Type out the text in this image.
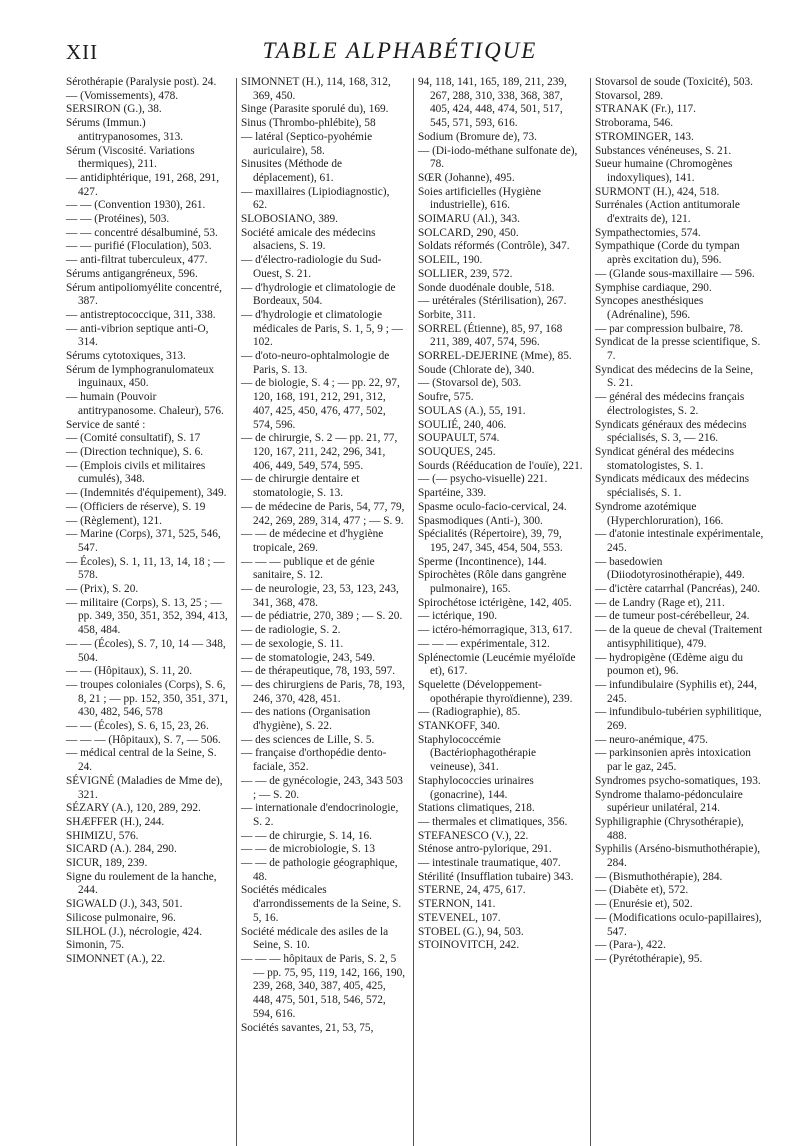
XII	TABLE ALPHABÉTIQUE

Sérothérapie (Paralysie post). 24.

— (Vomissements), 478.

SERSIRON (G.), 38.

Sérums (Immun.) antitrypanosomes, 313.

Sérum (Viscosité. Variations thermiques), 211.

— antidiphtérique, 191, 268, 291, 427.

— — (Convention 1930), 261.

— — (Protéines), 503.

— — concentré désalbuminé, 53.

— — purifié (Floculation), 503.

— anti-filtrat tuberculeux, 477.

Sérums antigangréneux, 596.

Sérum antipoliomyélite concentré, 387.

— antistreptococcique, 311, 338.

— anti-vibrion septique anti-O, 314.

Sérums cytotoxiques, 313.

Sérum de lymphogranulomateux inguinaux, 450.

— humain (Pouvoir antitrypanosome. Chaleur), 576.

Service de santé :

— (Comité consultatif), S. 17

— (Direction technique), S. 6.

— (Emplois civils et militaires cumulés), 348.

— (Indemnités d'équipement), 349.

— (Officiers de réserve), S. 19

— (Règlement), 121.

— Marine (Corps), 371, 525, 546, 547.

— Écoles), S. 1, 11, 13, 14, 18 ; — 578.

— (Prix), S. 20.

— militaire (Corps), S. 13, 25 ; — pp. 349, 350, 351, 352, 394, 413, 458, 484.

— — (Écoles), S. 7, 10, 14 — 348, 504.

— — (Hôpitaux), S. 11, 20.

— troupes coloniales (Corps), S. 6, 8, 21 ; — pp. 152, 350, 351, 371, 430, 482, 546, 578

— — (Écoles), S. 6, 15, 23, 26.

— — — (Hôpitaux), S. 7, — 506.

— médical central de la Seine, S. 24.

SÉVIGNÉ (Maladies de Mme de), 321.

SÉZARY (A.), 120, 289, 292.

SHÆFFER (H.), 244.

SHIMIZU, 576.

SICARD (A.). 284, 290.

SICUR, 189, 239.

Signe du roulement de la hanche, 244.

SIGWALD (J.), 343, 501.

Silicose pulmonaire, 96.

SILHOL (J.), nécrologie, 424.

Simonin, 75.

SIMONNET (A.), 22.

SIMONNET (H.), 114, 168, 312, 369, 450.

Singe (Parasite sporulé du), 169.

Sinus (Thrombo-phlébite), 58

— latéral (Septico-pyohémie auriculaire), 58.

Sinusites (Méthode de déplacement), 61.

— maxillaires (Lipiodiagnostic), 62.

SLOBOSIANO, 389.

Société amicale des médecins alsaciens, S. 19.

— d'électro-radiologie du Sud-Ouest, S. 21.

— d'hydrologie et climatologie de Bordeaux, 504.

— d'hydrologie et climatologie médicales de Paris, S. 1, 5, 9 ; — 102.

— d'oto-neuro-ophtalmologie de Paris, S. 13.

— de biologie, S. 4 ; — pp. 22, 97, 120, 168, 191, 212, 291, 312, 407, 425, 450, 476, 477, 502, 574, 596.

— de chirurgie, S. 2 — pp. 21, 77, 120, 167, 211, 242, 296, 341, 406, 449, 549, 574, 595.

— de chirurgie dentaire et stomatologie, S. 13.

— de médecine de Paris, 54, 77, 79, 242, 269, 289, 314, 477 ; — S. 9.

— — de médecine et d'hygiène tropicale, 269.

— — — publique et de génie sanitaire, S. 12.

— de neurologie, 23, 53, 123, 243, 341, 368, 478.

— de pédiatrie, 270, 389 ; — S. 20.

— de radiologie, S. 2.

— de sexologie, S. 11.

— de stomatologie, 243, 549.

— de thérapeutique, 78, 193, 597.

— des chirurgiens de Paris, 78, 193, 246, 370, 428, 451.

— des nations (Organisation d'hygiène), S. 22.

— des sciences de Lille, S. 5.

— française d'orthopédie dento-faciale, 352.

— — de gynécologie, 243, 343 503 ; — S. 20.

— internationale d'endocrinologie, S. 2.

— — de chirurgie, S. 14, 16.

— — de microbiologie, S. 13

— — de pathologie géographique, 48.

Sociétés médicales d'arrondissements de la Seine, S. 5, 16.

Société médicale des asiles de la Seine, S. 10.

— — — hôpitaux de Paris, S. 2, 5 — pp. 75, 95, 119, 142, 166, 190, 239, 268, 340, 387, 405, 425, 448, 475, 501, 518, 546, 572, 594, 616.

Sociétés savantes, 21, 53, 75,

94, 118, 141, 165, 189, 211, 239, 267, 288, 310, 338, 368, 387, 405, 424, 448, 474, 501, 517, 545, 571, 593, 616.

Sodium (Bromure de), 73.

— (Di-iodo-méthane sulfonate de), 78.

SŒR (Johanne), 495.

Soies artificielles (Hygiène industrielle), 616.

SOIMARU (Al.), 343.

SOLCARD, 290, 450.

Soldats réformés (Contrôle), 347.

SOLEIL, 190.

SOLLIER, 239, 572.

Sonde duodénale double, 518.

— urétérales (Stérilisation), 267.

Sorbite, 311.

SORREL (Étienne), 85, 97, 168 211, 389, 407, 574, 596.

SORREL-DEJERINE (Mme), 85.

Soude (Chlorate de), 340.

— (Stovarsol de), 503.

Soufre, 575.

SOULAS (A.), 55, 191.

SOULIÉ, 240, 406.

SOUPAULT, 574.

SOUQUES, 245.

Sourds (Rééducation de l'ouïe), 221.

— (— psycho-visuelle) 221.

Spartéine, 339.

Spasme oculo-facio-cervical, 24.

Spasmodiques (Anti-), 300.

Spécialités (Répertoire), 39, 79, 195, 247, 345, 454, 504, 553.

Sperme (Incontinence), 144.

Spirochètes (Rôle dans gangrène pulmonaire), 165.

Spirochétose ictérigène, 142, 405.

— ictérique, 190.

— ictéro-hémorragique, 313, 617.

— — — expérimentale, 312.

Splénectomie (Leucémie myéloïde et), 617.

Squelette (Développement-opothérapie thyroïdienne), 239.

— (Radiographie), 85.

STANKOFF, 340.

Staphylococcémie (Bactériophagothérapie veineuse), 341.

Staphylococcies urinaires (gonacrine), 144.

Stations climatiques, 218.

— thermales et climatiques, 356.

STEFANESCO (V.), 22.

Sténose antro-pylorique, 291.

— intestinale traumatique, 407.

Stérilité (Insufflation tubaire) 343.

STERNE, 24, 475, 617.

STERNON, 141.

STEVENEL, 107.

STOBEL (G.), 94, 503.

STOINOVITCH, 242.

Stovarsol de soude (Toxicité), 503.

Stovarsol, 289.

STRANAK (Fr.), 117.

Stroborama, 546.

STROMINGER, 143.

Substances vénéneuses, S. 21.

Sueur humaine (Chromogènes indoxyliques), 141.

SURMONT (H.), 424, 518.

Surrénales (Action antitumorale d'extraits de), 121.

Sympathectomies, 574.

Sympathique (Corde du tympan après excitation du), 596.

— (Glande sous-maxillaire — 596.

Symphise cardiaque, 290.

Syncopes anesthésiques (Adrénaline), 596.

— par compression bulbaire, 78.

Syndicat de la presse scientifique, S. 7.

Syndicat des médecins de la Seine, S. 21.

— général des médecins français électrologistes, S. 2.

Syndicats généraux des médecins spécialisés, S. 3, — 216.

Syndicat général des médecins stomatologistes, S. 1.

Syndicats médicaux des médecins spécialisés, S. 1.

Syndrome azotémique (Hyperchloruration), 166.

— d'atonie intestinale expérimentale, 245.

— basedowien (Diiodotyrosinothérapie), 449.

— d'ictère catarrhal (Pancréas), 240.

— de Landry (Rage et), 211.

— de tumeur post-cérébelleur, 24.

— de la queue de cheval (Traitement antisyphilitique), 479.

— hydropigène (Œdème aigu du poumon et), 96.

— infundibulaire (Syphilis et), 244, 245.

— infundibulo-tubérien syphilitique, 269.

— neuro-anémique, 475.

— parkinsonien après intoxication par le gaz, 245.

Syndromes psycho-somatiques, 193.

Syndrome thalamo-pédonculaire supérieur unilatéral, 214.

Syphiligraphie (Chrysothérapie), 488.

Syphilis (Arséno-bismuthothérapie), 284.

— (Bismuthothérapie), 284.

— (Diabète et), 572.

— (Enurésie et), 502.

— (Modifications oculo-papillaires), 547.

— (Para-), 422.

— (Pyrétothérapie), 95.
